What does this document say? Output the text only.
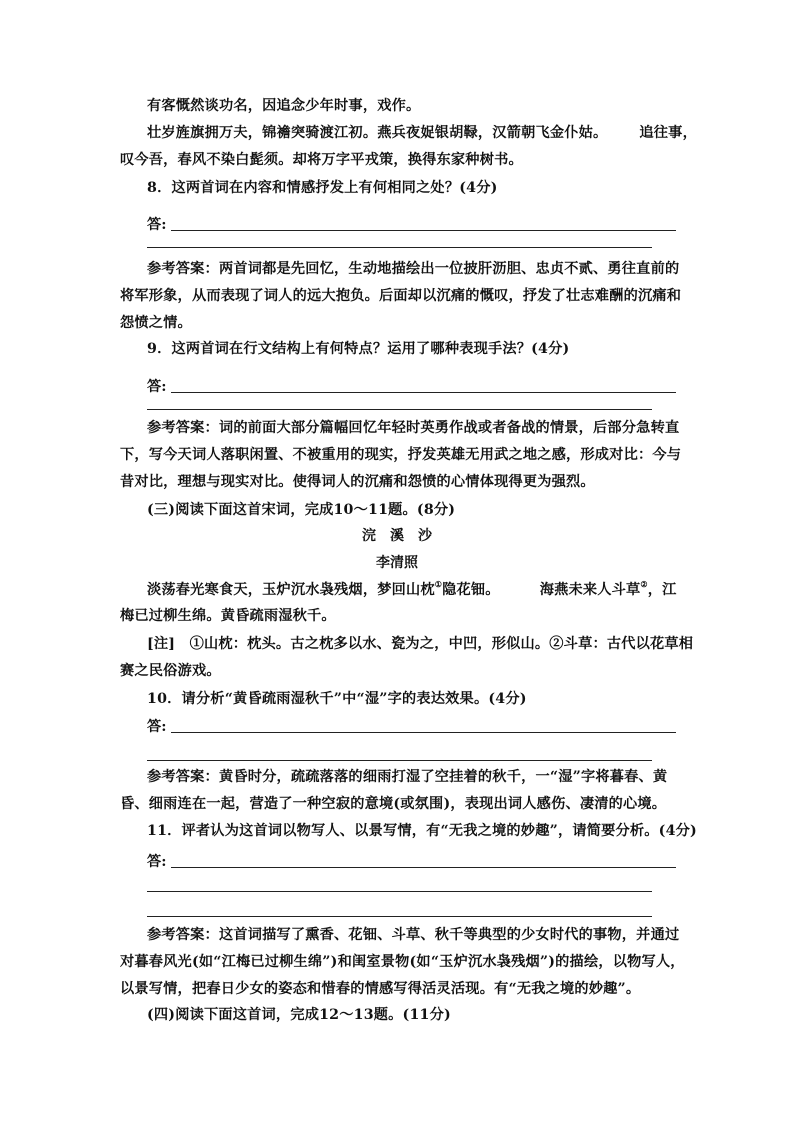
有客慨然谈功名，因追念少年时事，戏作。
壮岁旌旗拥万夫，锦襜突骑渡江初。燕兵夜娖银胡䩮，汉箭朝飞金仆姑。 追往事，
叹今吾，春风不染白髭须。却将万字平戎策，换得东家种树书。
8．这两首词在内容和情感抒发上有何相同之处？(4分)
答:
参考答案：两首词都是先回忆，生动地描绘出一位披肝沥胆、忠贞不贰、勇往直前的
将军形象，从而表现了词人的远大抱负。后面却以沉痛的慨叹，抒发了壮志难酬的沉痛和
怨愤之情。
9．这两首词在行文结构上有何特点？运用了哪种表现手法？(4分)
答:
参考答案：词的前面大部分篇幅回忆年轻时英勇作战或者备战的情景，后部分急转直
下，写今天词人落职闲置、不被重用的现实，抒发英雄无用武之地之感，形成对比：今与
昔对比，理想与现实对比。使得词人的沉痛和怨愤的心情体现得更为强烈。
(三)阅读下面这首宋词，完成10～11题。(8分)
浣　溪　沙
李清照
淡荡春光寒食天，玉炉沉水袅残烟，梦回山枕①隐花钿。	海燕未来人斗草②，江
梅已过柳生绵。黄昏疏雨湿秋千。
[注]　①山枕：枕头。古之枕多以水、瓷为之，中凹，形似山。②斗草：古代以花草相
赛之民俗游戏。
10．请分析“黄昏疏雨湿秋千”中“湿”字的表达效果。(4分)
答:
参考答案：黄昏时分，疏疏落落的细雨打湿了空挂着的秋千，一“湿”字将暮春、黄
昏、细雨连在一起，营造了一种空寂的意境(或氛围)，表现出词人感伤、凄清的心境。
11．评者认为这首词以物写人、以景写情，有“无我之境的妙趣”，请简要分析。(4分)
答:
参考答案：这首词描写了熏香、花钿、斗草、秋千等典型的少女时代的事物，并通过
对暮春风光(如“江梅已过柳生绵”)和闺室景物(如“玉炉沉水袅残烟”)的描绘，以物写人，
以景写情，把春日少女的姿态和惜春的情感写得活灵活现。有“无我之境的妙趣”。
(四)阅读下面这首词，完成12～13题。(11分)
